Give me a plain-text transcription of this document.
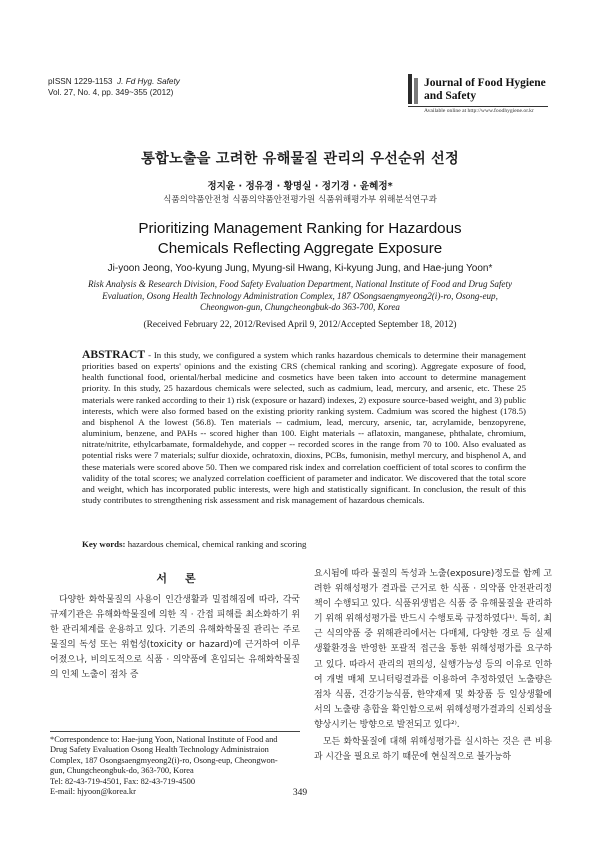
pISSN 1229-1153 J. Fd Hyg. Safety
Vol. 27, No. 4, pp. 349~355 (2012)
Journal of Food Hygiene
and Safety
Available online at http://www.foodhygiene.or.kr
통합노출을 고려한 유해물질 관리의 우선순위 선정
정지윤 · 정유경 · 황명실 · 정기경 · 윤혜정*
식품의약품안전청 식품의약품안전평가원 식품위해평가부 위해분석연구과
Prioritizing Management Ranking for Hazardous
Chemicals Reflecting Aggregate Exposure
Ji-yoon Jeong, Yoo-kyung Jung, Myung-sil Hwang, Ki-kyung Jung, and Hae-jung Yoon*
Risk Analysis & Research Division, Food Safety Evaluation Department, National Institute of Food and Drug Safety
Evaluation, Osong Health Technology Administration Complex, 187 OSongsaengmyeong2(i)-ro, Osong-eup,
Cheongwon-gun, Chungcheongbuk-do 363-700, Korea
(Received February 22, 2012/Revised April 9, 2012/Accepted September 18, 2012)
ABSTRACT - In this study, we configured a system which ranks hazardous chemicals to determine their management priorities based on experts' opinions and the existing CRS (chemical ranking and scoring). Aggregate exposure of food, health functional food, oriental/herbal medicine and cosmetics have been taken into account to determine management priority. In this study, 25 hazardous chemicals were selected, such as cadmium, lead, mercury, and arsenic, etc. These 25 materials were ranked according to their 1) risk (exposure or hazard) indexes, 2) exposure source-based weight, and 3) public interests, which were also formed based on the existing priority ranking system. Cadmium was scored the highest (178.5) and bisphenol A the lowest (56.8). Ten materials -- cadmium, lead, mercury, arsenic, tar, acrylamide, benzopyrene, aluminium, benzene, and PAHs -- scored higher than 100. Eight materials -- aflatoxin, manganese, phthalate, chromium, nitrate/nitrite, ethylcarbamate, formaldehyde, and copper -- recorded scores in the range from 70 to 100. Also evaluated as potential risks were 7 materials; sulfur dioxide, ochratoxin, dioxins, PCBs, fumonisin, methyl mercury, and bisphenol A, and these materials were scored above 50. Then we compared risk index and correlation coefficient of total scores to confirm the validity of the total scores; we analyzed correlation coefficient of parameter and indicator. We discovered that the total score and weight, which has incorporated public interests, were high and statistically significant. In conclusion, the result of this study contributes to strengthening risk assessment and risk management of hazardous chemicals.
Key words: hazardous chemical, chemical ranking and scoring
서론

다양한 화학물질의 사용이 인간생활과 밀접해짐에 따라, 각국 규제기관은 유해화학물질에 의한 직 · 간접 피해를 최소화하기 위한 관리체계를 운용하고 있다. 기존의 유해화학물질 관리는 주로 물질의 독성 또는 위험성(toxicity or hazard)에 근거하여 이루어졌으나, 비의도적으로 식품 · 의약품에 혼입되는 유해화학물질의 인체 노출이 점차 증

*Correspondence to: Hae-jung Yoon, National Institute of Food and
Drug Safety Evaluation Osong Health Technology Administraion
Complex, 187 Osongsaengmyeong2(i)-ro, Osong-eup, Cheongwon-
gun, Chungcheongbuk-do, 363-700, Korea
Tel: 82-43-719-4501, Fax: 82-43-719-4500
E-mail: hjyoon@korea.kr

요시됨에 따라 물질의 독성과 노출(exposure)정도를 함께 고려한 위해성평가 결과를 근거로 한 식품 · 의약품 안전관리정책이 수행되고 있다. 식품위생법은 식품 중 유해물질을 관리하기 위해 위해성평가를 반드시 수행토록 규정하였다¹⁾. 특히, 최근 식의약품 중 위해관리에서는 다매체, 다양한 경로 등 실제 생활환경을 반영한 포괄적 접근을 통한 위해성평가를 요구하고 있다. 따라서 관리의 편의성, 실행가능성 등의 이유로 인하여 개별 매체 모니터링결과를 이용하여 추정하였던 노출량은 점차 식품, 건강기능식품, 한약재제 및 화장품 등 일상생활에서의 노출량 총합을 확인함으로써 위해성평가결과의 신뢰성을 향상시키는 방향으로 발전되고 있다²⁾.

모든 화학물질에 대해 위해성평가를 실시하는 것은 큰 비용과 시간을 필요로 하기 때문에 현실적으로 불가능하

349
